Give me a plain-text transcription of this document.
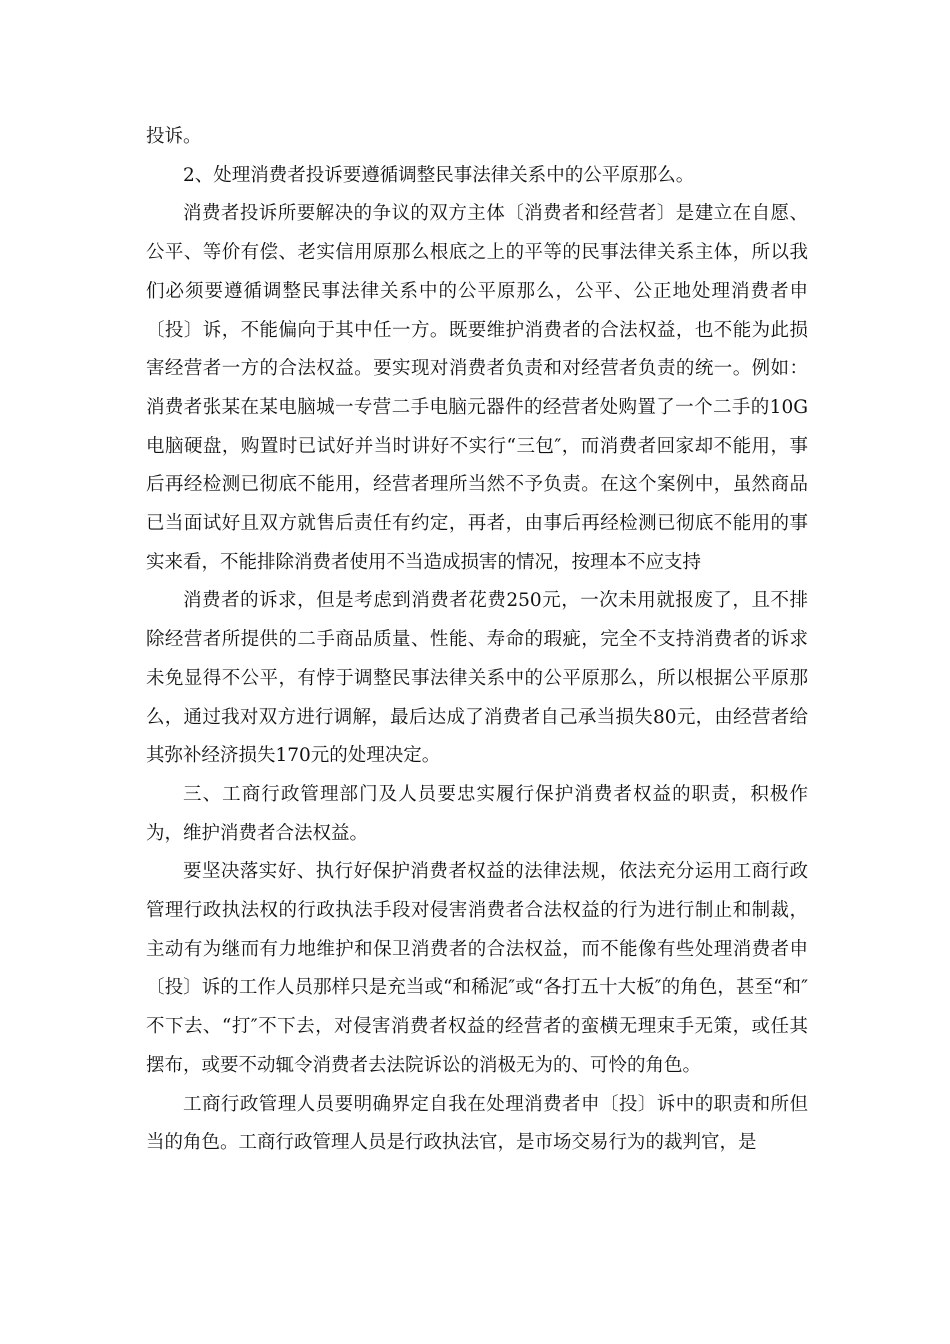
投诉。

2、处理消费者投诉要遵循调整民事法律关系中的公平原那么。

消费者投诉所要解决的争议的双方主体〔消费者和经营者〕是建立在自愿、公平、等价有偿、老实信用原那么根底之上的平等的民事法律关系主体，所以我们必须要遵循调整民事法律关系中的公平原那么，公平、公正地处理消费者申〔投〕诉，不能偏向于其中任一方。既要维护消费者的合法权益，也不能为此损害经营者一方的合法权益。要实现对消费者负责和对经营者负责的统一。例如：消费者张某在某电脑城一专营二手电脑元器件的经营者处购置了一个二手的10G电脑硬盘，购置时已试好并当时讲好不实行“三包″，而消费者回家却不能用，事后再经检测已彻底不能用，经营者理所当然不予负责。在这个案例中，虽然商品已当面试好且双方就售后责任有约定，再者，由事后再经检测已彻底不能用的事实来看，不能排除消费者使用不当造成损害的情况，按理本不应支持

消费者的诉求，但是考虑到消费者花费250元，一次未用就报废了，且不排除经营者所提供的二手商品质量、性能、寿命的瑕疵，完全不支持消费者的诉求未免显得不公平，有悖于调整民事法律关系中的公平原那么，所以根据公平原那么，通过我对双方进行调解，最后达成了消费者自己承当损失80元，由经营者给其弥补经济损失170元的处理决定。

三、工商行政管理部门及人员要忠实履行保护消费者权益的职责，积极作为，维护消费者合法权益。

要坚决落实好、执行好保护消费者权益的法律法规，依法充分运用工商行政管理行政执法权的行政执法手段对侵害消费者合法权益的行为进行制止和制裁，主动有为继而有力地维护和保卫消费者的合法权益，而不能像有些处理消费者申〔投〕诉的工作人员那样只是充当或“和稀泥″或“各打五十大板″的角色，甚至“和″不下去、“打″不下去，对侵害消费者权益的经营者的蛮横无理束手无策，或任其摆布，或要不动辄令消费者去法院诉讼的消极无为的、可怜的角色。

工商行政管理人员要明确界定自我在处理消费者申〔投〕诉中的职责和所但当的角色。工商行政管理人员是行政执法官，是市场交易行为的裁判官，是
